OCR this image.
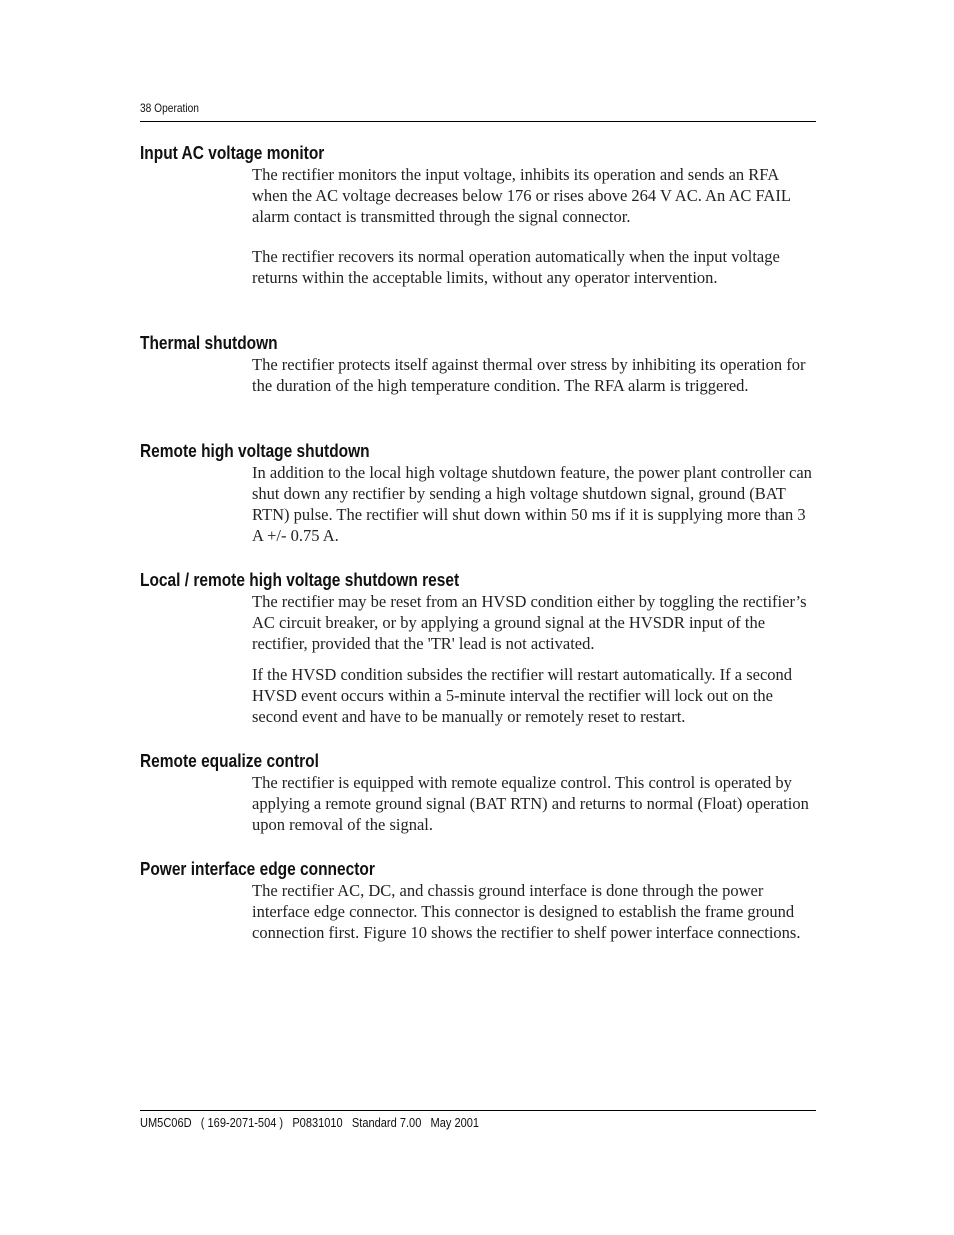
38 Operation
Input AC voltage monitor

The rectifier monitors the input voltage, inhibits its operation and sends an RFA when the AC voltage decreases below 176 or rises above 264 V AC. An AC FAIL alarm contact is transmitted through the signal connector.

The rectifier recovers its normal operation automatically when the input voltage returns within the acceptable limits, without any operator intervention.

Thermal shutdown

The rectifier protects itself against thermal over stress by inhibiting its operation for the duration of the high temperature condition. The RFA alarm is triggered.

Remote high voltage shutdown

In addition to the local high voltage shutdown feature, the power plant controller can shut down any rectifier by sending a high voltage shutdown signal, ground (BAT RTN) pulse. The rectifier will shut down within 50 ms if it is supplying more than 3 A +/- 0.75 A.

Local / remote high voltage shutdown reset

The rectifier may be reset from an HVSD condition either by toggling the rectifier’s AC circuit breaker, or by applying a ground signal at the HVSDR input of the rectifier, provided that the 'TR' lead is not activated.

If the HVSD condition subsides the rectifier will restart automatically. If a second HVSD event occurs within a 5-minute interval the rectifier will lock out on the second event and have to be manually or remotely reset to restart.

Remote equalize control

The rectifier is equipped with remote equalize control. This control is operated by applying a remote ground signal (BAT RTN) and returns to normal (Float) operation upon removal of the signal.

Power interface edge connector

The rectifier AC, DC, and chassis ground interface is done through the power interface edge connector. This connector is designed to establish the frame ground connection first. Figure 10 shows the rectifier to shelf power interface connections.

UM5C06D   ( 169-2071-504 )   P0831010   Standard 7.00   May 2001
